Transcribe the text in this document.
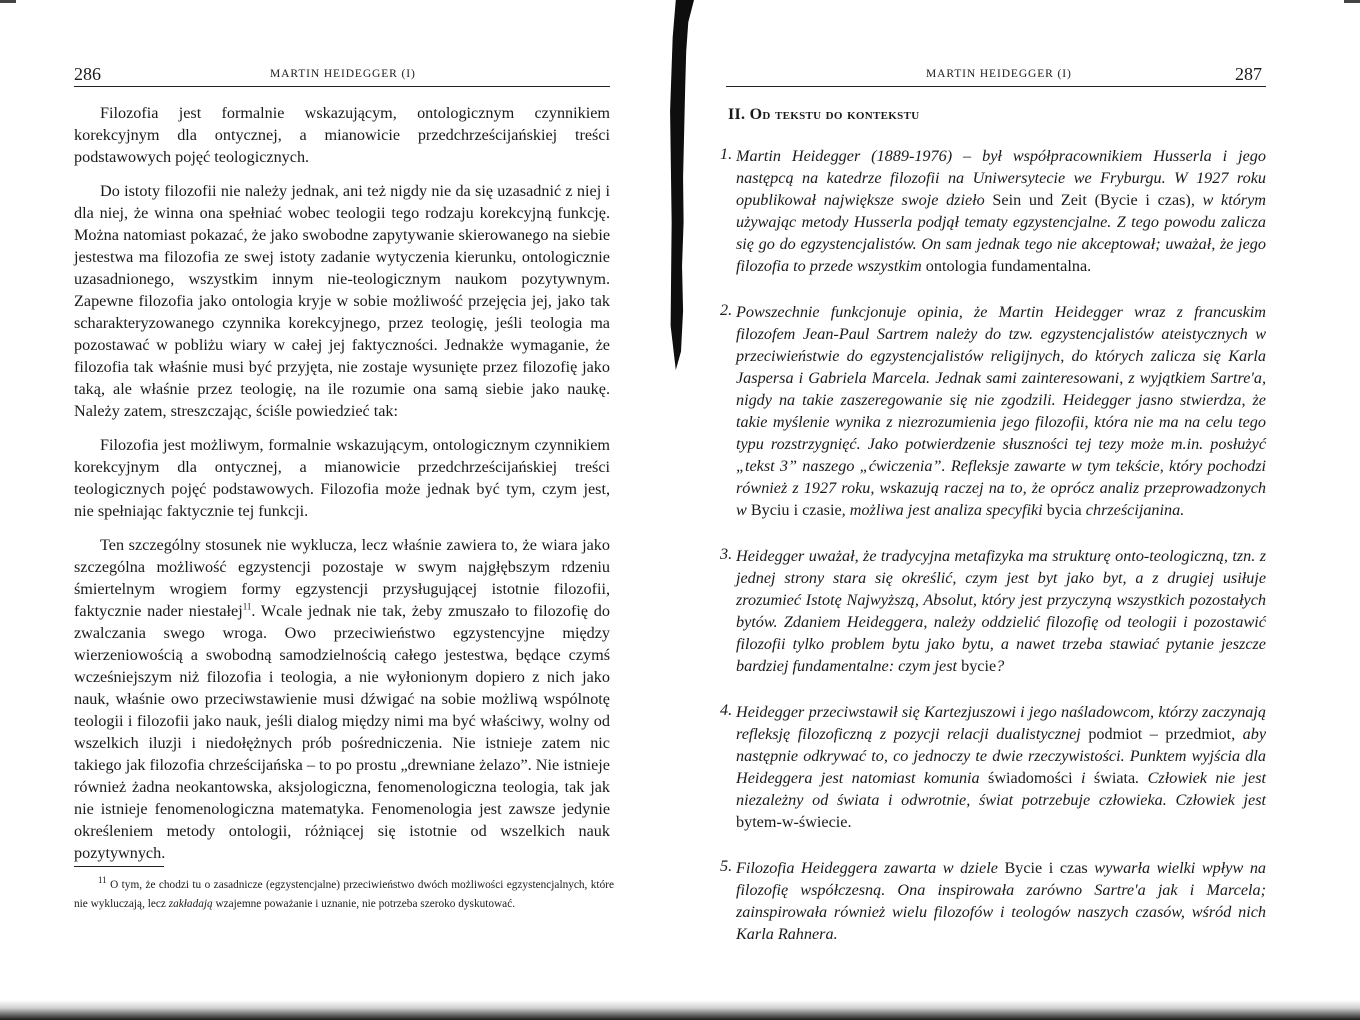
286	MARTIN HEIDEGGER (I)

Filozofia jest formalnie wskazującym, ontologicznym czynnikiem korekcyjnym dla ontycznej, a mianowicie przedchrześcijańskiej treści podstawowych pojęć teologicznych.

Do istoty filozofii nie należy jednak, ani też nigdy nie da się uzasadnić z niej i dla niej, że winna ona spełniać wobec teologii tego rodzaju korekcyjną funkcję. Można natomiast pokazać, że jako swobodne zapytywanie skierowanego na siebie jestestwa ma filozofia ze swej istoty zadanie wytyczenia kierunku, ontologicznie uzasadnionego, wszystkim innym nie-teologicznym naukom pozytywnym. Zapewne filozofia jako ontologia kryje w sobie możliwość przejęcia jej, jako tak scharakteryzowanego czynnika korekcyjnego, przez teologię, jeśli teologia ma pozostawać w pobliżu wiary w całej jej faktyczności. Jednakże wymaganie, że filozofia tak właśnie musi być przyjęta, nie zostaje wysunięte przez filozofię jako taką, ale właśnie przez teologię, na ile rozumie ona samą siebie jako naukę. Należy zatem, streszczając, ściśle powiedzieć tak:

Filozofia jest możliwym, formalnie wskazującym, ontologicznym czynnikiem korekcyjnym dla ontycznej, a mianowicie przedchrześcijańskiej treści teologicznych pojęć podstawowych. Filozofia może jednak być tym, czym jest, nie spełniając faktycznie tej funkcji.

Ten szczególny stosunek nie wyklucza, lecz właśnie zawiera to, że wiara jako szczególna możliwość egzystencji pozostaje w swym najgłębszym rdzeniu śmiertelnym wrogiem formy egzystencji przysługującej istotnie filozofii, faktycznie nader niestałej$^{11}$. Wcale jednak nie tak, żeby zmuszało to filozofię do zwalczania swego wroga. Owo przeciwieństwo egzystencyjne między wierzeniowością a swobodną samodzielnością całego jestestwa, będące czymś wcześniejszym niż filozofia i teologia, a nie wyłonionym dopiero z nich jako nauk, właśnie owo przeciwstawienie musi dźwigać na sobie możliwą wspólnotę teologii i filozofii jako nauk, jeśli dialog między nimi ma być właściwy, wolny od wszelkich iluzji i niedołężnych prób pośredniczenia. Nie istnieje zatem nic takiego jak filozofia chrześcijańska – to po prostu „drewniane żelazo”. Nie istnieje również żadna neokantowska, aksjologiczna, fenomenologiczna teologia, tak jak nie istnieje fenomenologiczna matematyka. Fenomenologia jest zawsze jedynie określeniem metody ontologii, różniącej się istotnie od wszelkich nauk pozytywnych.

$^{11}$ O tym, że chodzi tu o zasadnicze (egzystencjalne) przeciwieństwo dwóch możliwości egzystencjalnych, które nie wykluczają, lecz zakładają wzajemne poważanie i uznanie, nie potrzeba szeroko dyskutować.
MARTIN HEIDEGGER (I)	287
II. Od tekstu do kontekstu
1. Martin Heidegger (1889-1976) – był współpracownikiem Husserla i jego następcą na katedrze filozofii na Uniwersytecie we Fryburgu. W 1927 roku opublikował największe swoje dzieło Sein und Zeit (Bycie i czas), w którym używając metody Husserla podjął tematy egzystencjalne. Z tego powodu zalicza się go do egzystencjalistów. On sam jednak tego nie akceptował; uważał, że jego filozofia to przede wszystkim ontologia fundamentalna.

2. Powszechnie funkcjonuje opinia, że Martin Heidegger wraz z francuskim filozofem Jean-Paul Sartrem należy do tzw. egzystencjalistów ateistycznych w przeciwieństwie do egzystencjalistów religijnych, do których zalicza się Karla Jaspersa i Gabriela Marcela. Jednak sami zainteresowani, z wyjątkiem Sartre'a, nigdy na takie zaszeregowanie się nie zgodzili. Heidegger jasno stwierdza, że takie myślenie wynika z niezrozumienia jego filozofii, która nie ma na celu tego typu rozstrzygnięć. Jako potwierdzenie słuszności tej tezy może m.in. posłużyć „tekst 3” naszego „ćwiczenia”. Refleksje zawarte w tym tekście, który pochodzi również z 1927 roku, wskazują raczej na to, że oprócz analiz przeprowadzonych w Byciu i czasie, możliwa jest analiza specyfiki bycia chrześcijanina.

3. Heidegger uważał, że tradycyjna metafizyka ma strukturę onto-teologiczną, tzn. z jednej strony stara się określić, czym jest byt jako byt, a z drugiej usiłuje zrozumieć Istotę Najwyższą, Absolut, który jest przyczyną wszystkich pozostałych bytów. Zdaniem Heideggera, należy oddzielić filozofię od teologii i pozostawić filozofii tylko problem bytu jako bytu, a nawet trzeba stawiać pytanie jeszcze bardziej fundamentalne: czym jest bycie?

4. Heidegger przeciwstawił się Kartezjuszowi i jego naśladowcom, którzy zaczynają refleksję filozoficzną z pozycji relacji dualistycznej podmiot – przedmiot, aby następnie odkrywać to, co jednoczy te dwie rzeczywistości. Punktem wyjścia dla Heideggera jest natomiast komunia świadomości i świata. Człowiek nie jest niezależny od świata i odwrotnie, świat potrzebuje człowieka. Człowiek jest bytem-w-świecie.

5. Filozofia Heideggera zawarta w dziele Bycie i czas wywarła wielki wpływ na filozofię współczesną. Ona inspirowała zarówno Sartre'a jak i Marcela; zainspirowała również wielu filozofów i teologów naszych czasów, wśród nich Karla Rahnera.
